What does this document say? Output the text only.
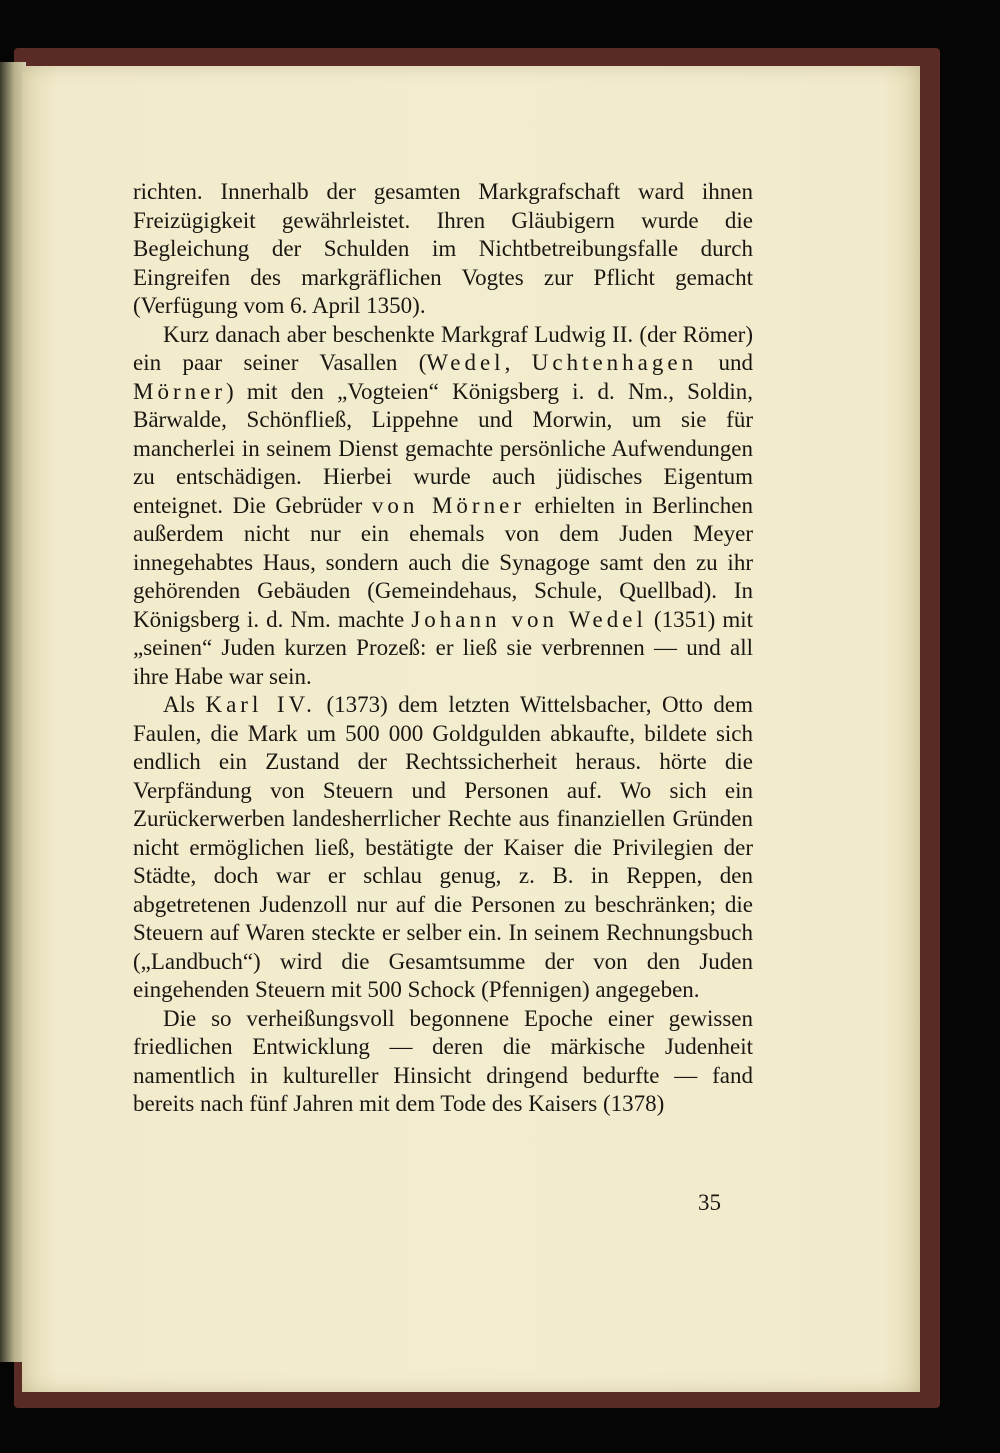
richten. Innerhalb der gesamten Markgrafschaft ward ihnen Freizügigkeit gewährleistet. Ihren Gläubigern wurde die Begleichung der Schulden im Nichtbetreibungsfalle durch Eingreifen des markgräflichen Vogtes zur Pflicht gemacht (Verfügung vom 6. April 1350).

Kurz danach aber beschenkte Markgraf Ludwig II. (der Römer) ein paar seiner Vasallen (Wedel, Uchtenhagen und Mörner) mit den „Vogteien“ Königsberg i. d. Nm., Soldin, Bärwalde, Schönfließ, Lippehne und Morwin, um sie für mancherlei in seinem Dienst gemachte persönliche Aufwendungen zu entschädigen. Hierbei wurde auch jüdisches Eigentum enteignet. Die Gebrüder von Mörner erhielten in Berlinchen außerdem nicht nur ein ehemals von dem Juden Meyer innegehabtes Haus, sondern auch die Synagoge samt den zu ihr gehörenden Gebäuden (Gemeindehaus, Schule, Quellbad). In Königsberg i. d. Nm. machte Johann von Wedel (1351) mit „seinen“ Juden kurzen Prozeß: er ließ sie verbrennen — und all ihre Habe war sein.

Als Karl IV. (1373) dem letzten Wittelsbacher, Otto dem Faulen, die Mark um 500 000 Goldgulden abkaufte, bildete sich endlich ein Zustand der Rechtssicherheit heraus. hörte die Verpfändung von Steuern und Personen auf. Wo sich ein Zurückerwerben landesherrlicher Rechte aus finanziellen Gründen nicht ermöglichen ließ, bestätigte der Kaiser die Privilegien der Städte, doch war er schlau genug, z. B. in Reppen, den abgetretenen Judenzoll nur auf die Personen zu beschränken; die Steuern auf Waren steckte er selber ein. In seinem Rechnungsbuch („Landbuch“) wird die Gesamtsumme der von den Juden eingehenden Steuern mit 500 Schock (Pfennigen) angegeben.

Die so verheißungsvoll begonnene Epoche einer gewissen friedlichen Entwicklung — deren die märkische Judenheit namentlich in kultureller Hinsicht dringend bedurfte — fand bereits nach fünf Jahren mit dem Tode des Kaisers (1378)

35
